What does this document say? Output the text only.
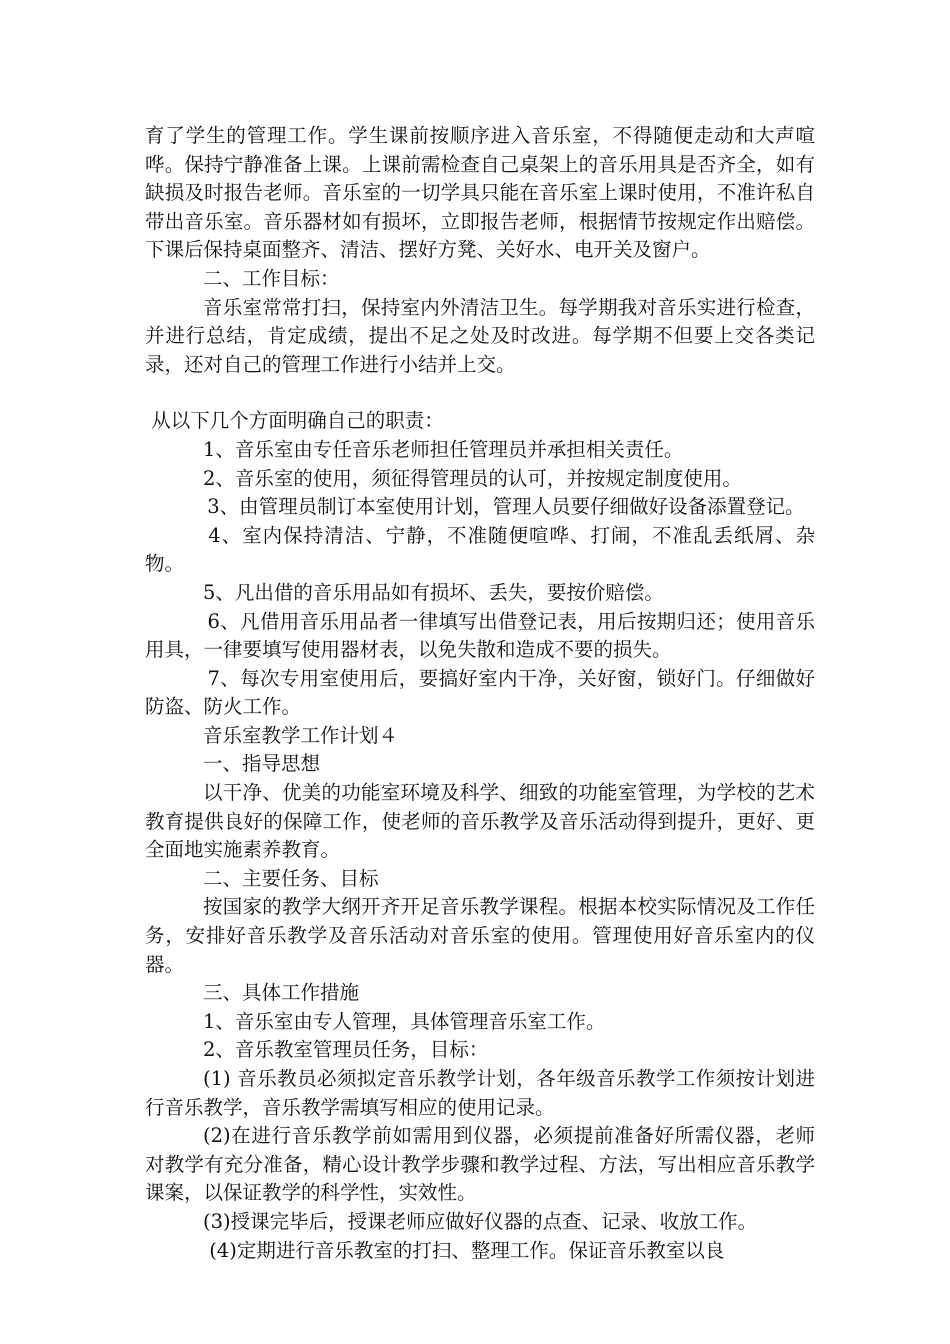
育了学生的管理工作。学生课前按顺序进入音乐室，不得随便走动和大声喧哗。保持宁静准备上课。上课前需检查自己桌架上的音乐用具是否齐全，如有缺损及时报告老师。音乐室的一切学具只能在音乐室上课时使用，不准许私自带出音乐室。音乐器材如有损坏，立即报告老师，根据情节按规定作出赔偿。下课后保持桌面整齐、清洁、摆好方凳、关好水、电开关及窗户。

二、工作目标：

音乐室常常打扫，保持室内外清洁卫生。每学期我对音乐实进行检查，并进行总结，肯定成绩，提出不足之处及时改进。每学期不但要上交各类记录，还对自己的管理工作进行小结并上交。

从以下几个方面明确自己的职责：

1、音乐室由专任音乐老师担任管理员并承担相关责任。

2、音乐室的使用，须征得管理员的认可，并按规定制度使用。

3、由管理员制订本室使用计划，管理人员要仔细做好设备添置登记。

4、室内保持清洁、宁静，不准随便喧哗、打闹，不准乱丢纸屑、杂物。

5、凡出借的音乐用品如有损坏、丢失，要按价赔偿。

6、凡借用音乐用品者一律填写出借登记表，用后按期归还；使用音乐用具，一律要填写使用器材表，以免失散和造成不要的损失。

7、每次专用室使用后，要搞好室内干净，关好窗，锁好门。仔细做好防盗、防火工作。

音乐室教学工作计划４

一、指导思想

以干净、优美的功能室环境及科学、细致的功能室管理，为学校的艺术教育提供良好的保障工作，使老师的音乐教学及音乐活动得到提升，更好、更全面地实施素养教育。

二、主要任务、目标

按国家的教学大纲开齐开足音乐教学课程。根据本校实际情况及工作任务，安排好音乐教学及音乐活动对音乐室的使用。管理使用好音乐室内的仪器。

三、具体工作措施

1、音乐室由专人管理，具体管理音乐室工作。

2、音乐教室管理员任务，目标：

(1) 音乐教员必须拟定音乐教学计划，各年级音乐教学工作须按计划进行音乐教学，音乐教学需填写相应的使用记录。

(2)在进行音乐教学前如需用到仪器，必须提前准备好所需仪器，老师对教学有充分准备，精心设计教学步骤和教学过程、方法，写出相应音乐教学课案，以保证教学的科学性，实效性。

(3)授课完毕后，授课老师应做好仪器的点查、记录、收放工作。

(4)定期进行音乐教室的打扫、整理工作。保证音乐教室以良
